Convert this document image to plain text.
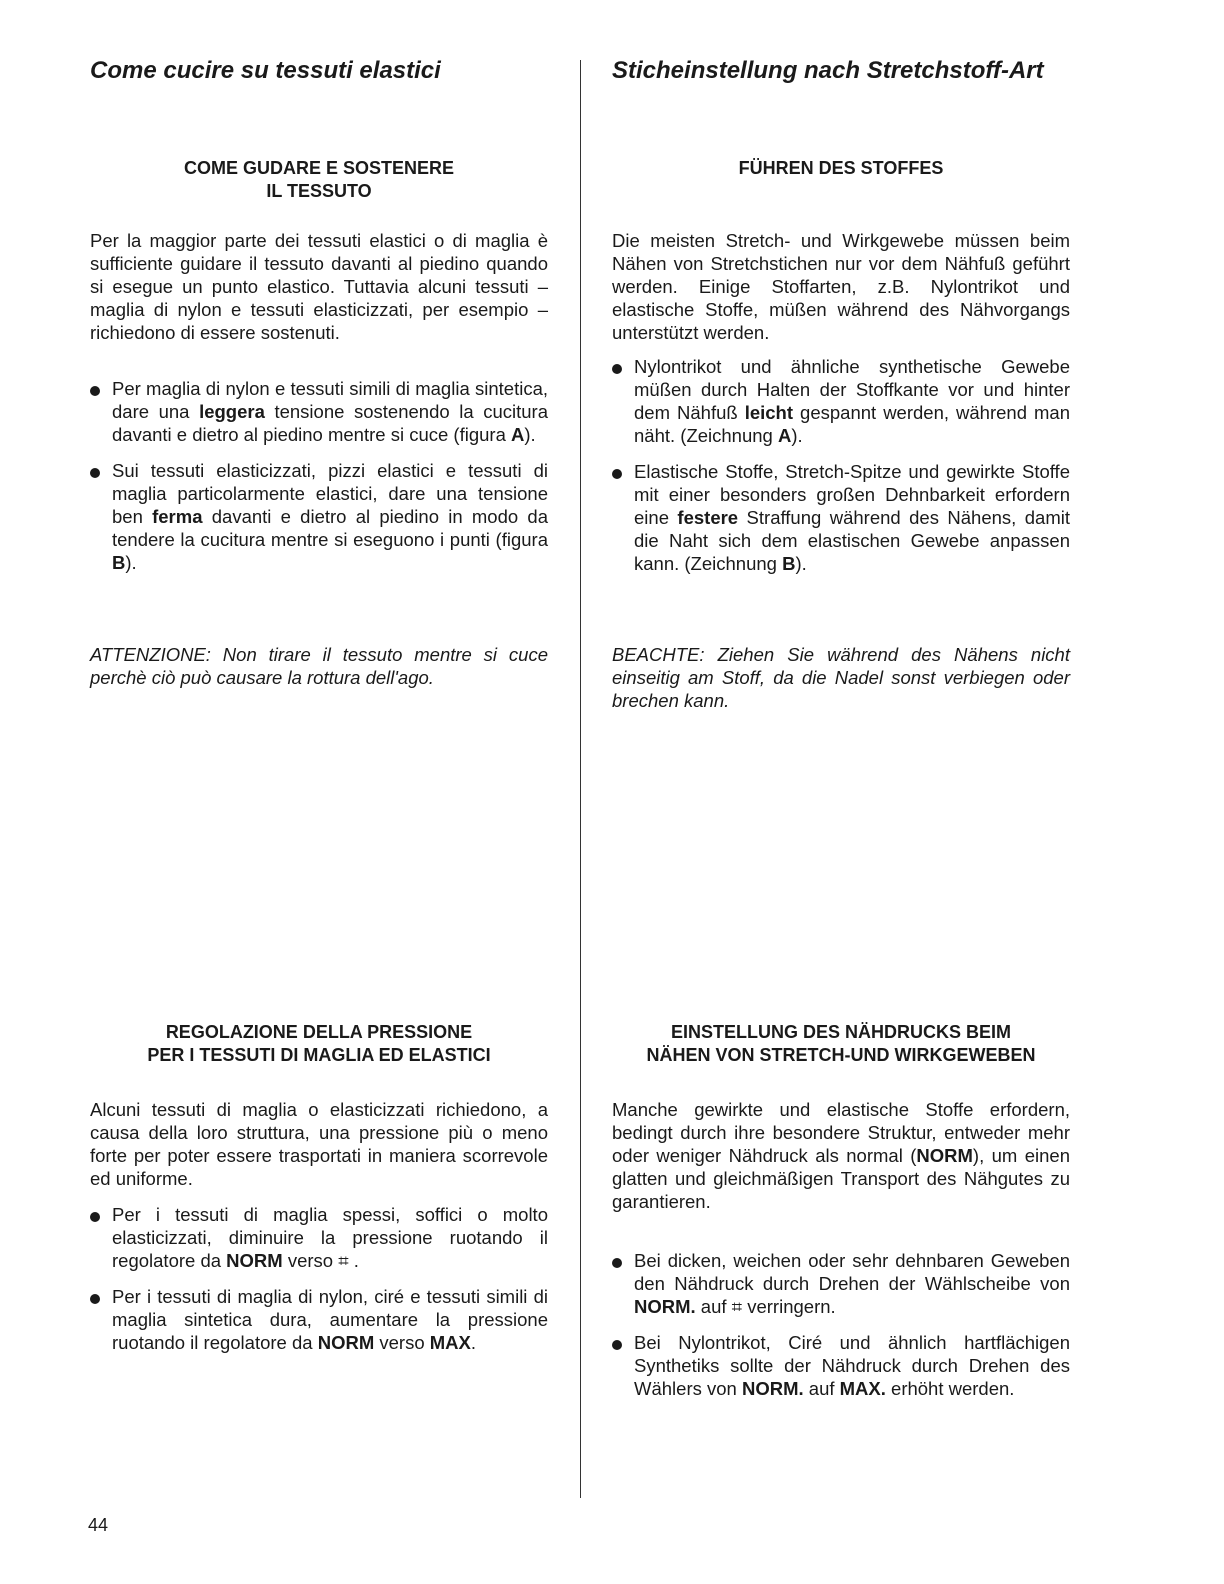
Come cucire su tessuti elastici
COME GUDARE E SOSTENERE
IL TESSUTO

Per la maggior parte dei tessuti elastici o di maglia è sufficiente guidare il tessuto davanti al piedino quando si esegue un punto elastico. Tuttavia alcuni tessuti – maglia di nylon e tessuti elasticizzati, per esempio – richiedono di essere sostenuti.

Per maglia di nylon e tessuti simili di maglia sintetica, dare una leggera tensione sostenendo la cucitura davanti e dietro al piedino mentre si cuce (figura A).
Sui tessuti elasticizzati, pizzi elastici e tessuti di maglia particolarmente elastici, dare una tensione ben ferma davanti e dietro al piedino in modo da tendere la cucitura mentre si eseguono i punti (figura B).

ATTENZIONE: Non tirare il tessuto mentre si cuce perchè ciò può causare la rottura dell'ago.

REGOLAZIONE DELLA PRESSIONE
PER I TESSUTI DI MAGLIA ED ELASTICI

Alcuni tessuti di maglia o elasticizzati richiedono, a causa della loro struttura, una pressione più o meno forte per poter essere trasportati in maniera scorrevole ed uniforme.

Per i tessuti di maglia spessi, soffici o molto elasticizzati, diminuire la pressione ruotando il regolatore da NORM verso ⌗ .
Per i tessuti di maglia di nylon, ciré e tessuti simili di maglia sintetica dura, aumentare la pressione ruotando il regolatore da NORM verso MAX.
Sticheinstellung nach Stretchstoff-Art
FÜHREN DES STOFFES

Die meisten Stretch- und Wirkgewebe müssen beim Nähen von Stretchstichen nur vor dem Nähfuß geführt werden. Einige Stoffarten, z.B. Nylontrikot und elastische Stoffe, müßen während des Nähvorgangs unterstützt werden.

Nylontrikot und ähnliche synthetische Gewebe müßen durch Halten der Stoffkante vor und hinter dem Nähfuß leicht gespannt werden, während man näht. (Zeichnung A).
Elastische Stoffe, Stretch-Spitze und gewirkte Stoffe mit einer besonders großen Dehnbarkeit erfordern eine festere Straffung während des Nähens, damit die Naht sich dem elastischen Gewebe anpassen kann. (Zeichnung B).

BEACHTE: Ziehen Sie während des Nähens nicht einseitig am Stoff, da die Nadel sonst verbiegen oder brechen kann.

EINSTELLUNG DES NÄHDRUCKS BEIM
NÄHEN VON STRETCH-UND WIRKGEWEBEN

Manche gewirkte und elastische Stoffe erfordern, bedingt durch ihre besondere Struktur, entweder mehr oder weniger Nähdruck als normal (NORM), um einen glatten und gleichmäßigen Transport des Nähgutes zu garantieren.

Bei dicken, weichen oder sehr dehnbaren Geweben den Nähdruck durch Drehen der Wählscheibe von NORM. auf ⌗ verringern.
Bei Nylontrikot, Ciré und ähnlich hartflächigen Synthetiks sollte der Nähdruck durch Drehen des Wählers von NORM. auf MAX. erhöht werden.

44
